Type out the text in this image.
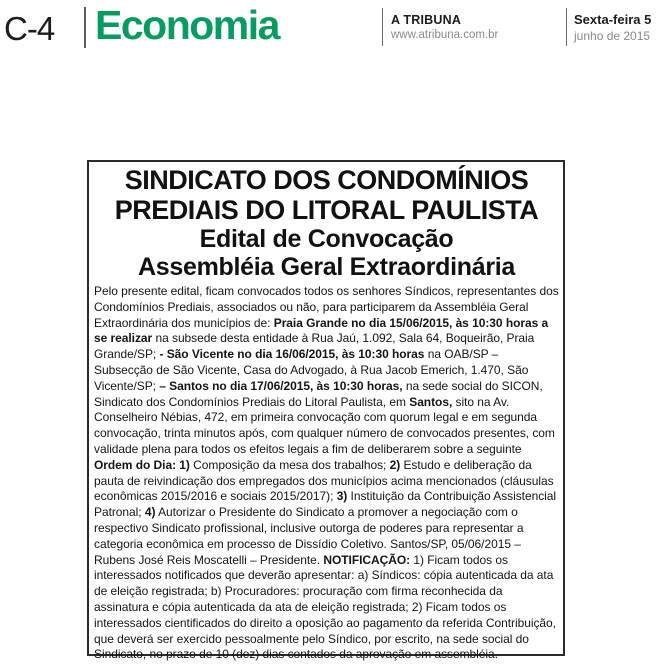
C-4 Economia	A TRIBUNA
www.atribuna.com.br
Sexta-feira 5
junho de 2015
SINDICATO DOS CONDOMÍNIOS
PREDIAIS DO LITORAL PAULISTA
Edital de Convocação
Assembléia Geral Extraordinária
Pelo presente edital, ficam convocados todos os senhores Síndicos, representantes dos Condomínios Prediais, associados ou não, para participarem da Assembléia Geral Extraordinária dos municípios de: Praia Grande no dia 15/06/2015, às 10:30 horas a se realizar na subsede desta entidade à Rua Jaú, 1.092, Sala 64, Boqueirão, Praia Grande/SP; - São Vicente no dia 16/06/2015, às 10:30 horas na OAB/SP – Subsecção de São Vicente, Casa do Advogado, à Rua Jacob Emerich, 1.470, São Vicente/SP; – Santos no dia 17/06/2015, às 10:30 horas, na sede social do SICON, Sindicato dos Condomínios Prediais do Litoral Paulista, em Santos, sito na Av. Conselheiro Nébias, 472, em primeira convocação com quorum legal e em segunda convocação, trinta minutos após, com qualquer número de convocados presentes, com validade plena para todos os efeitos legais a fim de deliberarem sobre a seguinte Ordem do Dia: 1) Composição da mesa dos trabalhos; 2) Estudo e deliberação da pauta de reivindicação dos empregados dos municípios acima mencionados (cláusulas econômicas 2015/2016 e sociais 2015/2017); 3) Instituição da Contribuição Assistencial Patronal; 4) Autorizar o Presidente do Sindicato a promover a negociação com o respectivo Sindicato profissional, inclusive outorga de poderes para representar a categoria econômica em processo de Dissídio Coletivo. Santos/SP, 05/06/2015 – Rubens José Reis Moscatelli – Presidente. NOTIFICAÇÃO: 1) Ficam todos os interessados notificados que deverão apresentar: a) Síndicos: cópia autenticada da ata de eleição registrada; b) Procuradores: procuração com firma reconhecida da assinatura e cópia autenticada da ata de eleição registrada; 2) Ficam todos os interessados cientificados do direito a oposição ao pagamento da referida Contribuição, que deverá ser exercido pessoalmente pelo Síndico, por escrito, na sede social do Sindicato, no prazo de 10 (dez) dias contados da aprovação em assembléia.
